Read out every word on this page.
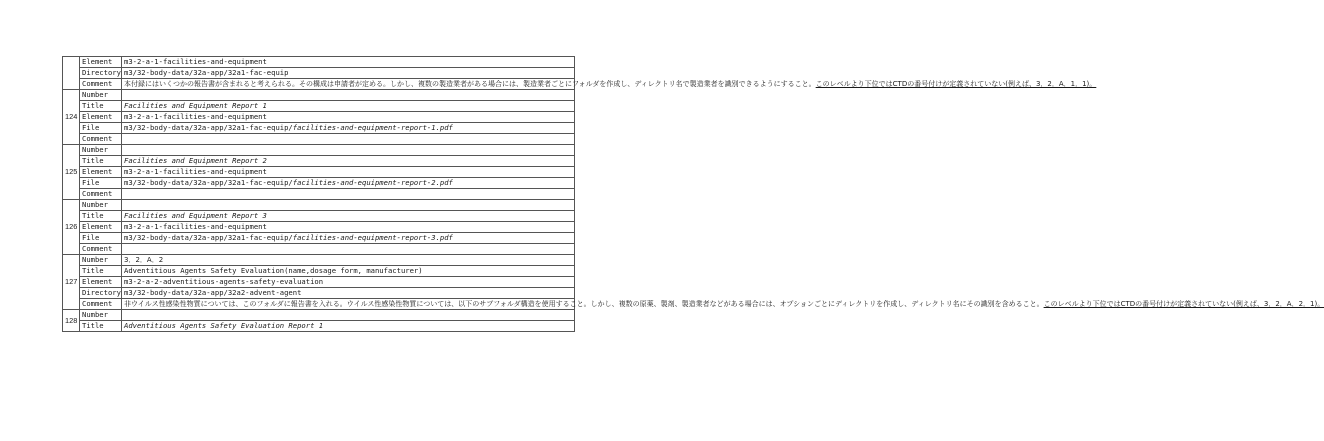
	Element	m3-2-a-1-facilities-and-equipment
	Directory	m3/32-body-data/32a-app/32a1-fac-equip
	Comment	本付録にはいくつかの報告書が含まれると考えられる。その構成は申請者が定める。しかし、複数の製造業者がある場合には、製造業者ごとにフォルダを作成し、ディレクトリ名で製造業者を識別できるようにすること。このレベルより下位ではCTDの番号付けが定義されていない(例えば、3．2．A．1．1)。
124	Number	
	Title	Facilities and Equipment Report 1
	Element	m3-2-a-1-facilities-and-equipment
	File	m3/32-body-data/32a-app/32a1-fac-equip/facilities-and-equipment-report-1.pdf
	Comment	
125	Number	
	Title	Facilities and Equipment Report 2
	Element	m3-2-a-1-facilities-and-equipment
	File	m3/32-body-data/32a-app/32a1-fac-equip/facilities-and-equipment-report-2.pdf
	Comment	
126	Number	
	Title	Facilities and Equipment Report 3
	Element	m3-2-a-1-facilities-and-equipment
	File	m3/32-body-data/32a-app/32a1-fac-equip/facilities-and-equipment-report-3.pdf
	Comment	
127	Number	3．2．A．2
	Title	Adventitious Agents Safety Evaluation(name,dosage form, manufacturer)
	Element	m3-2-a-2-adventitious-agents-safety-evaluation
	Directory	m3/32-body-data/32a-app/32a2-advent-agent
	Comment	非ウイルス性感染性物質については、このフォルダに報告書を入れる。ウイルス性感染性物質については、以下のサブフォルダ構造を使用すること。しかし、複数の原薬、製剤、製造業者などがある場合には、オプションごとにディレクトリを作成し、ディレクトリ名にその識別を含めること。このレベルより下位ではCTDの番号付けが定義されていない(例えば、3．2．A．2．1)。
128	Number	
	Title	Adventitious Agents Safety Evaluation Report 1
